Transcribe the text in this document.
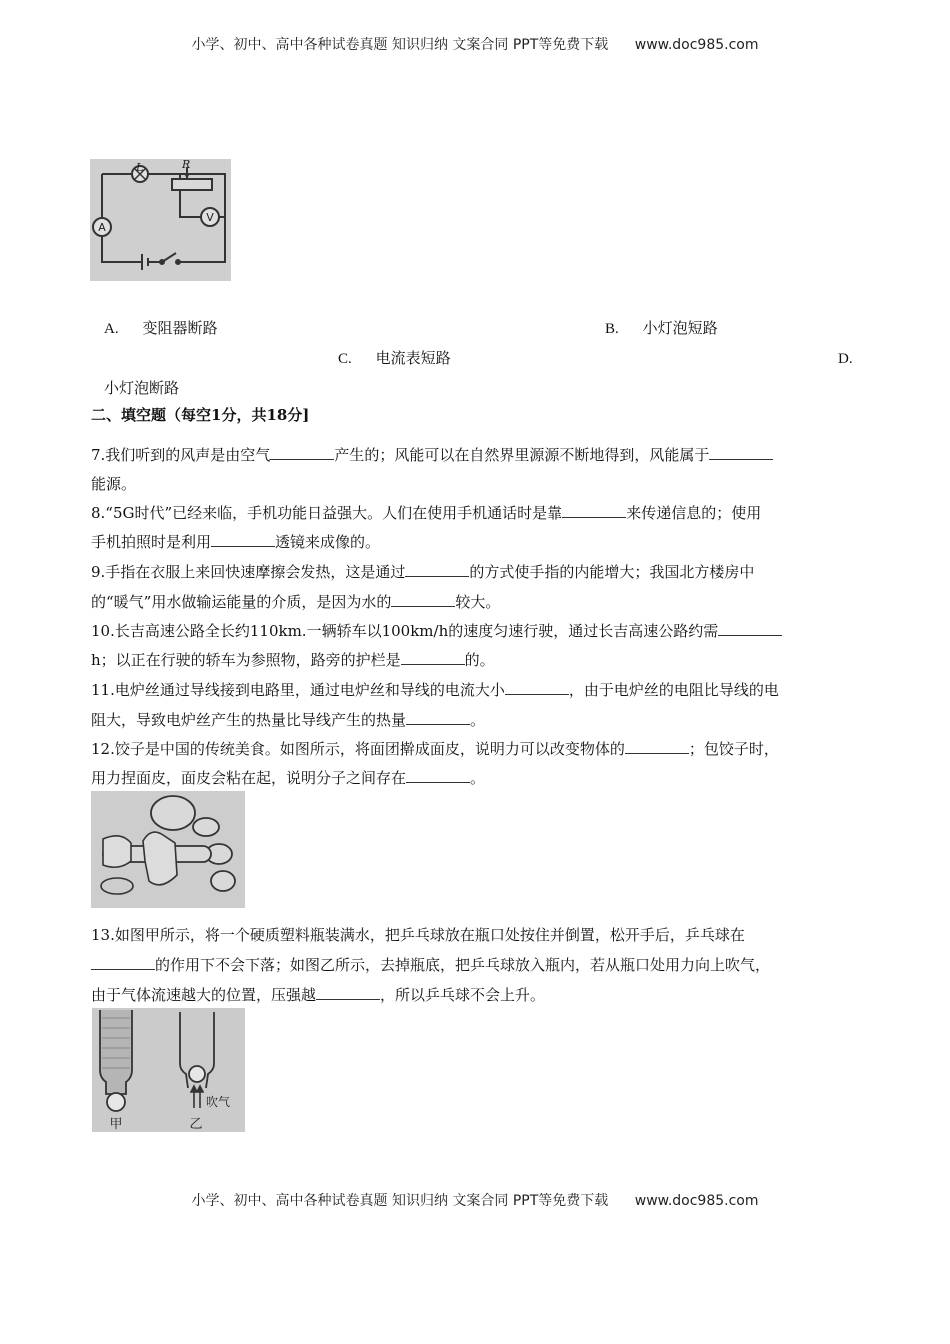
小学、初中、高中各种试卷真题 知识归纳 文案合同 PPT等免费下载 www.doc985.com
R
L
A
V
A. 变阻器断路	B. 小灯泡短路
C. 电流表短路	D.
小灯泡断路
二、填空题（每空1分，共18分]
7.我们听到的风声是由空气	产生的；风能可以在自然界里源源不断地得到，风能属于
能源。
8.“5G时代”已经来临，手机功能日益强大。人们在使用手机通话时是靠	来传递信息的；使用
手机拍照时是利用	透镜来成像的。
9.手指在衣服上来回快速摩擦会发热，这是通过	的方式使手指的内能增大；我国北方楼房中
的“暖气”用水做输运能量的介质，是因为水的	较大。
10.长吉高速公路全长约110km.一辆轿车以100km/h的速度匀速行驶，通过长吉高速公路约需
h；以正在行驶的轿车为参照物，路旁的护栏是	的。
11.电炉丝通过导线接到电路里，通过电炉丝和导线的电流大小	，由于电炉丝的电阻比导线的电
阻大，导致电炉丝产生的热量比导线产生的热量	。
12.饺子是中国的传统美食。如图所示，将面团擀成面皮，说明力可以改变物体的	；包饺子时，
用力捏面皮，面皮会粘在起，说明分子之间存在	。
13.如图甲所示，将一个硬质塑料瓶装满水，把乒乓球放在瓶口处按住并倒置，松开手后，乒乓球在
的作用下不会下落；如图乙所示，去掉瓶底，把乒乓球放入瓶内，若从瓶口处用力向上吹气，
由于气体流速越大的位置，压强越	，所以乒乓球不会上升。
甲
吹气
乙
小学、初中、高中各种试卷真题 知识归纳 文案合同 PPT等免费下载 www.doc985.com
